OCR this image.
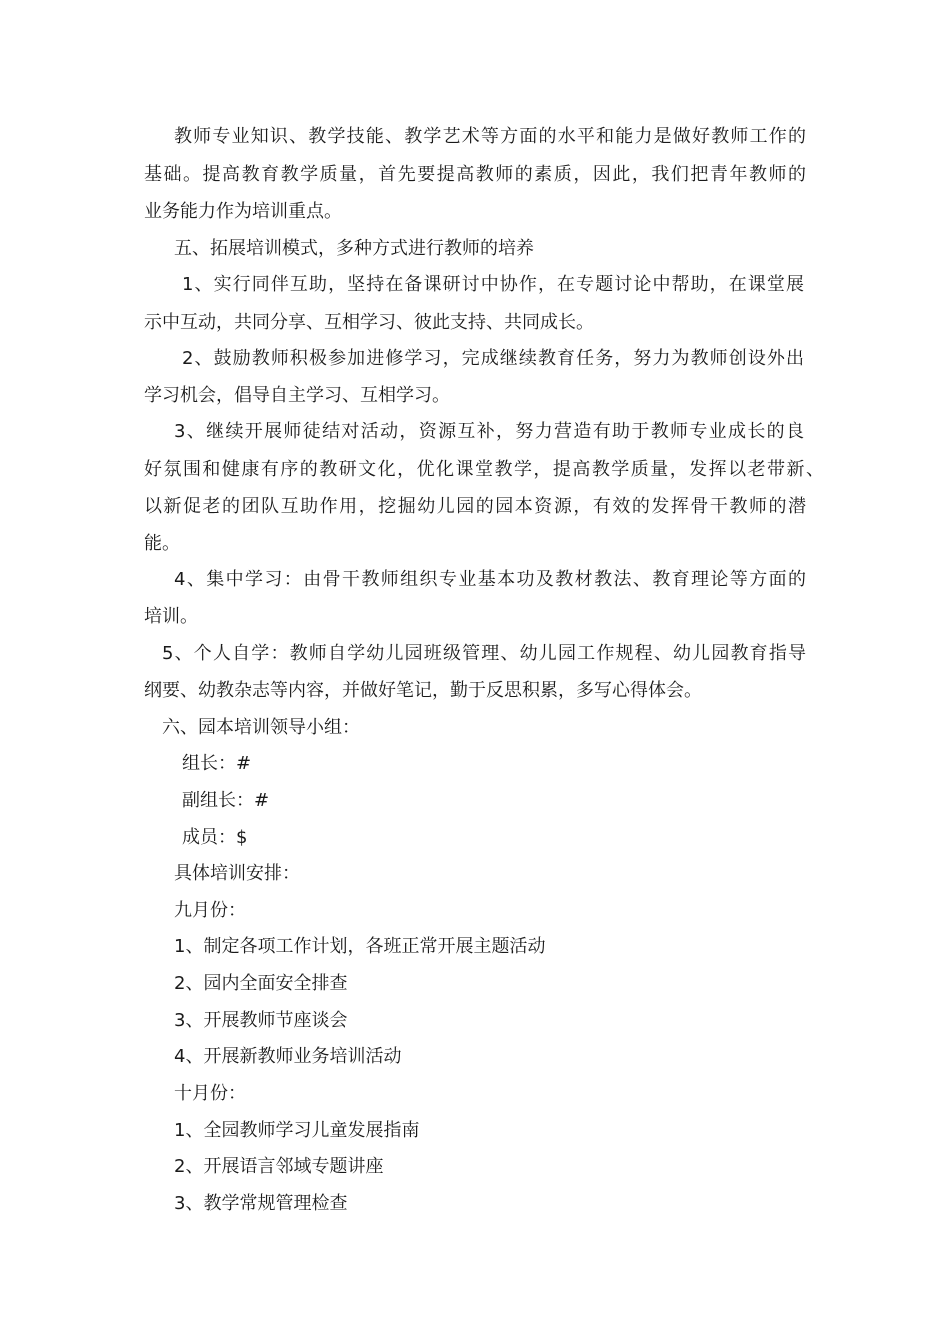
教师专业知识、教学技能、教学艺术等方面的水平和能力是做好教师工作的
基础。提高教育教学质量，首先要提高教师的素质，因此，我们把青年教师的
业务能力作为培训重点。
五、拓展培训模式，多种方式进行教师的培养
1、实行同伴互助，坚持在备课研讨中协作，在专题讨论中帮助，在课堂展
示中互动，共同分享、互相学习、彼此支持、共同成长。
2、鼓励教师积极参加进修学习，完成继续教育任务，努力为教师创设外出
学习机会，倡导自主学习、互相学习。
3、继续开展师徒结对活动，资源互补，努力营造有助于教师专业成长的良
好氛围和健康有序的教研文化，优化课堂教学，提高教学质量，发挥以老带新、
以新促老的团队互助作用，挖掘幼儿园的园本资源，有效的发挥骨干教师的潜
能。
4、集中学习：由骨干教师组织专业基本功及教材教法、教育理论等方面的
培训。
5、个人自学：教师自学幼儿园班级管理、幼儿园工作规程、幼儿园教育指导
纲要、幼教杂志等内容，并做好笔记，勤于反思积累，多写心得体会。
六、园本培训领导小组：
组长：#
副组长：#
成员：$
具体培训安排：
九月份：
1、制定各项工作计划，各班正常开展主题活动
2、园内全面安全排查
3、开展教师节座谈会
4、开展新教师业务培训活动
十月份：
1、全园教师学习儿童发展指南
2、开展语言邻域专题讲座
3、教学常规管理检查
